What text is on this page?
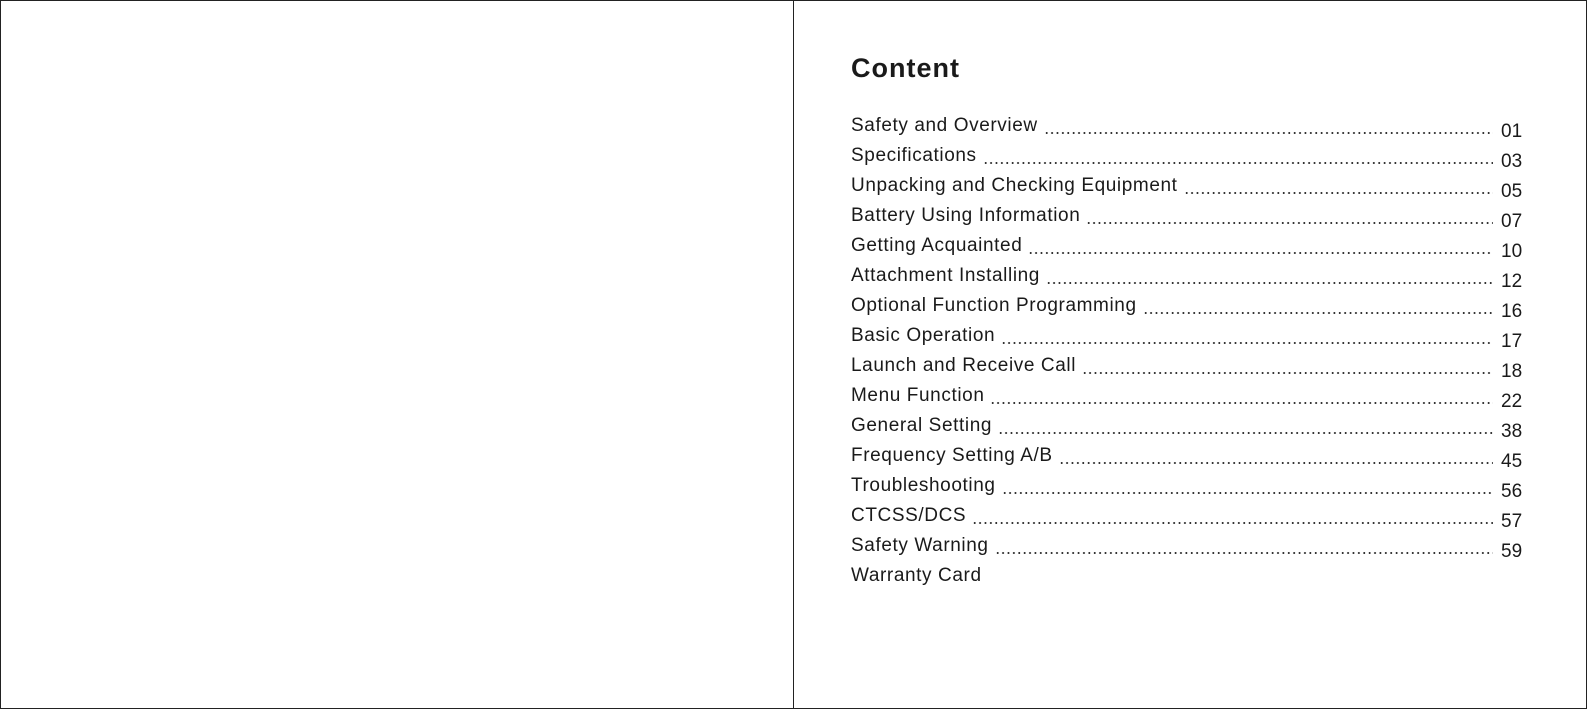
Content
Safety and Overview	01
Specifications	03
Unpacking and Checking Equipment	05
Battery Using Information	07
Getting Acquainted	10
Attachment Installing	12
Optional Function Programming	16
Basic Operation	17
Launch and Receive Call	18
Menu Function	22
General Setting	38
Frequency Setting A/B	45
Troubleshooting	56
CTCSS/DCS	57
Safety Warning	59
Warranty Card
